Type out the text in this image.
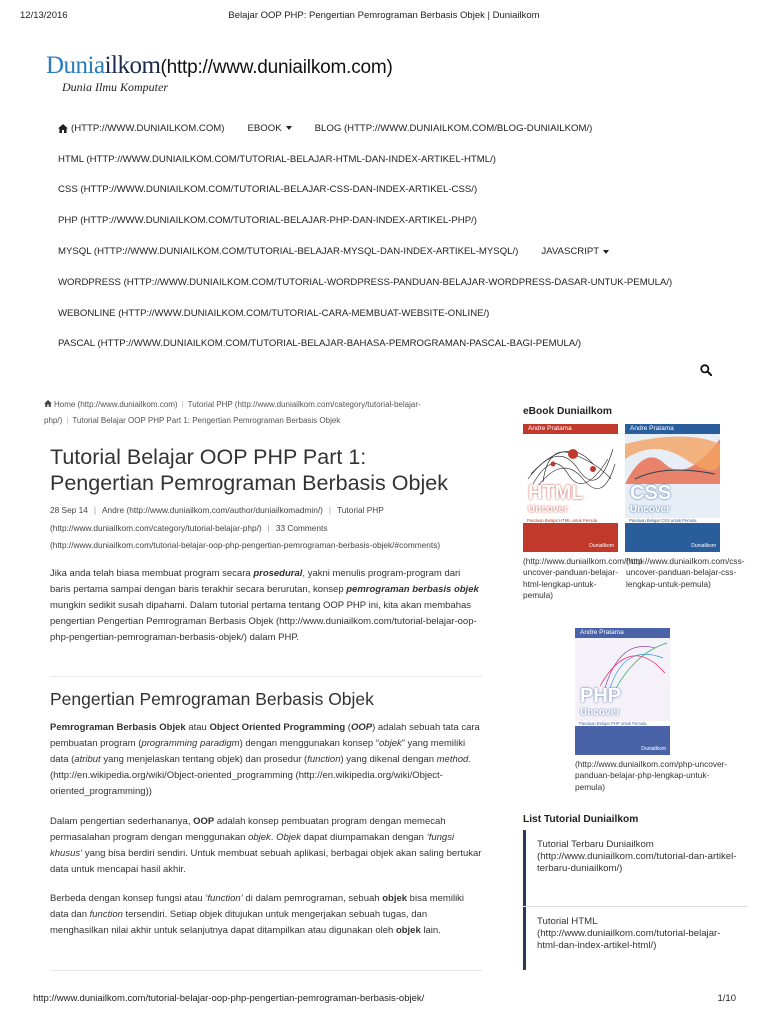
12/13/2016	Belajar OOP PHP: Pengertian Pemrograman Berbasis Objek | Duniailkom
Duniailkom(http://www.duniailkom.com)
Dunia Ilmu Komputer
(HTTP://WWW.DUNIAILKOM.COM) EBOOK	BLOG (HTTP://WWW.DUNIAILKOM.COM/BLOG-DUNIAILKOM/)
HTML (HTTP://WWW.DUNIAILKOM.COM/TUTORIAL-BELAJAR-HTML-DAN-INDEX-ARTIKEL-HTML/)
CSS (HTTP://WWW.DUNIAILKOM.COM/TUTORIAL-BELAJAR-CSS-DAN-INDEX-ARTIKEL-CSS/)
PHP (HTTP://WWW.DUNIAILKOM.COM/TUTORIAL-BELAJAR-PHP-DAN-INDEX-ARTIKEL-PHP/)
MYSQL (HTTP://WWW.DUNIAILKOM.COM/TUTORIAL-BELAJAR-MYSQL-DAN-INDEX-ARTIKEL-MYSQL/) JAVASCRIPT
WORDPRESS (HTTP://WWW.DUNIAILKOM.COM/TUTORIAL-WORDPRESS-PANDUAN-BELAJAR-WORDPRESS-DASAR-UNTUK-PEMULA/)
WEBONLINE (HTTP://WWW.DUNIAILKOM.COM/TUTORIAL-CARA-MEMBUAT-WEBSITE-ONLINE/)
PASCAL (HTTP://WWW.DUNIAILKOM.COM/TUTORIAL-BELAJAR-BAHASA-PEMROGRAMAN-PASCAL-BAGI-PEMULA/)
Home (http://www.duniailkom.com) | Tutorial PHP (http://www.duniailkom.com/category/tutorial-belajar-php/) | Tutorial Belajar OOP PHP Part 1: Pengertian Pemrograman Berbasis Objek
Tutorial Belajar OOP PHP Part 1:
Pengertian Pemrograman Berbasis Objek
28 Sep 14 | Andre (http://www.duniailkom.com/author/duniailkomadmin/) | Tutorial PHP
(http://www.duniailkom.com/category/tutorial-belajar-php/) | 33 Comments
(http://www.duniailkom.com/tutorial-belajar-oop-php-pengertian-pemrograman-berbasis-objek/#comments)
Jika anda telah biasa membuat program secara prosedural, yakni menulis program-program dari baris pertama sampai dengan baris terakhir secara berurutan, konsep pemrograman berbasis objek mungkin sedikit susah dipahami. Dalam tutorial pertama tentang OOP PHP ini, kita akan membahas pengertian Pengertian Pemrograman Berbasis Objek (http://www.duniailkom.com/tutorial-belajar-oop-php-pengertian-pemrograman-berbasis-objek/) dalam PHP.
Pengertian Pemrograman Berbasis Objek
Pemrograman Berbasis Objek atau Object Oriented Programming (OOP) adalah sebuah tata cara pembuatan program (programming paradigm) dengan menggunakan konsep “objek” yang memiliki data (atribut yang menjelaskan tentang objek) dan prosedur (function) yang dikenal dengan method. (http://en.wikipedia.org/wiki/Object-oriented_programming (http://en.wikipedia.org/wiki/Object-oriented_programming))
Dalam pengertian sederhananya, OOP adalah konsep pembuatan program dengan memecah permasalahan program dengan menggunakan objek. Objek dapat diumpamakan dengan ‘fungsi khusus’ yang bisa berdiri sendiri. Untuk membuat sebuah aplikasi, berbagai objek akan saling bertukar data untuk mencapai hasil akhir.
Berbeda dengan konsep fungsi atau ‘function’ di dalam pemrograman, sebuah objek bisa memiliki data dan function tersendiri. Setiap objek ditujukan untuk mengerjakan sebuah tugas, dan menghasilkan nilai akhir untuk selanjutnya dapat ditampilkan atau digunakan oleh objek lain.
eBook Duniailkom
Andre Pratama
HTML
Uncover
Panduan Belajar HTML untuk Pemula
Duniailkom
(http://www.duniailkom.com/html-uncover-panduan-belajar-html-lengkap-untuk-pemula)
Andre Pratama
CSS
Uncover
Panduan Belajar CSS untuk Pemula
Duniailkom
(http://www.duniailkom.com/css-uncover-panduan-belajar-css-lengkap-untuk-pemula)
Andre Pratama
PHP
Uncover
Panduan Belajar PHP untuk Pemula
Duniailkom
(http://www.duniailkom.com/php-uncover-panduan-belajar-php-lengkap-untuk-pemula)
List Tutorial Duniailkom
Tutorial Terbaru Duniailkom (http://www.duniailkom.com/tutorial-dan-artikel-terbaru-duniailkom/)
Tutorial HTML (http://www.duniailkom.com/tutorial-belajar-html-dan-index-artikel-html/)
http://www.duniailkom.com/tutorial-belajar-oop-php-pengertian-pemrograman-berbasis-objek/	1/10
